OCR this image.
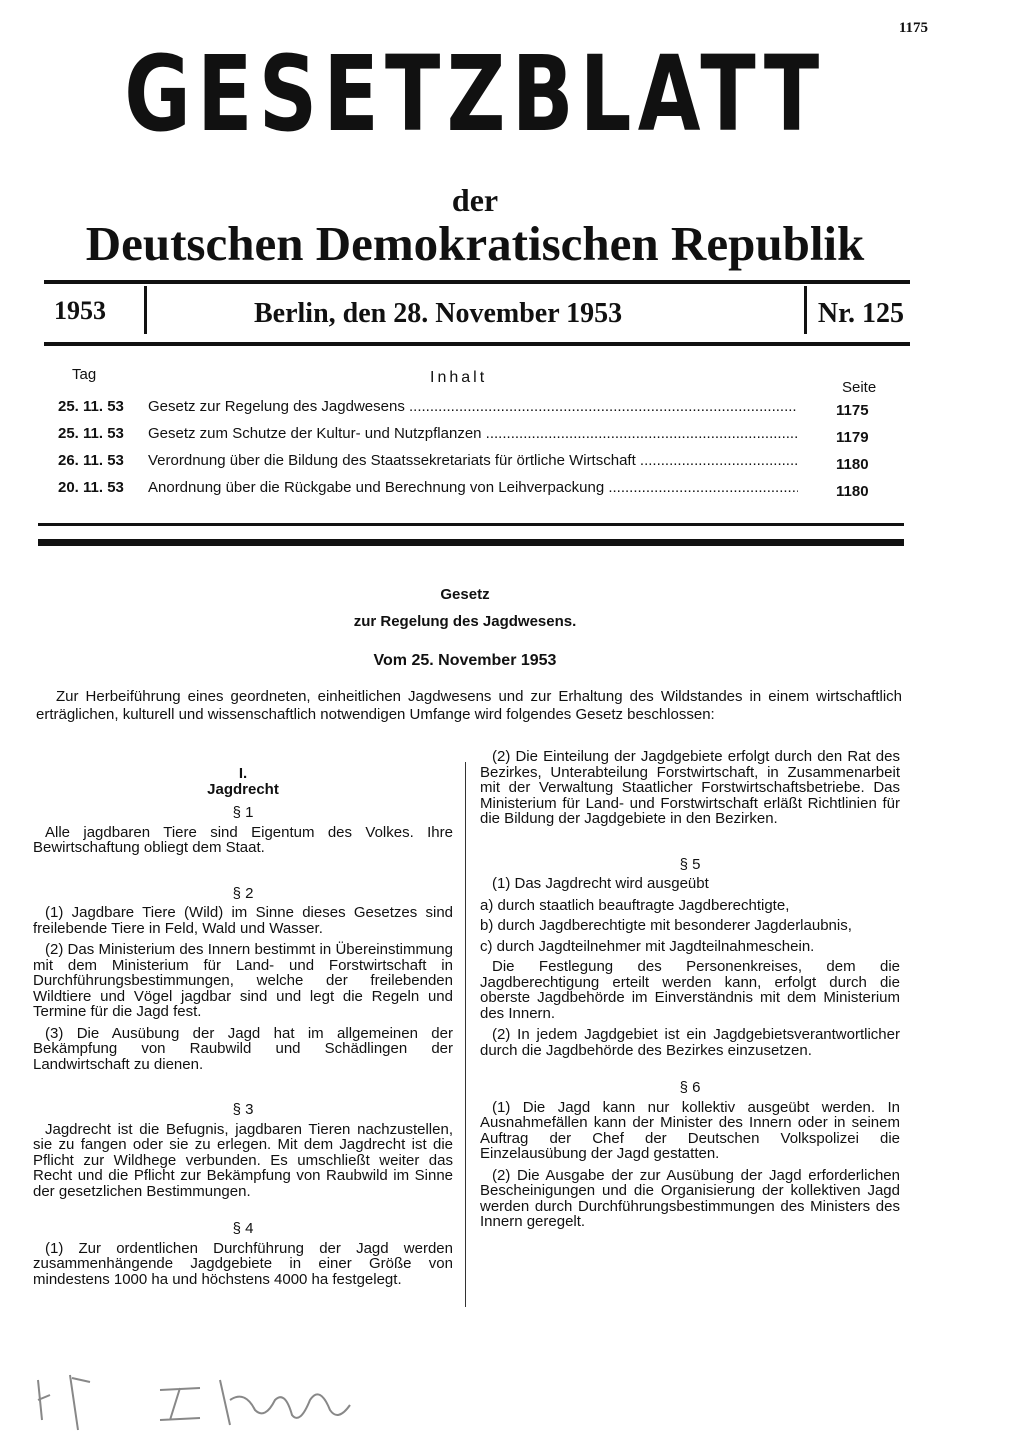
1175
GESETZBLATT
der
Deutschen Demokratischen Republik
1953	Berlin, den 28. November 1953	Nr. 125
Tag	Inhalt
Seite
25. 11. 53 Gesetz zur Regelung des Jagdwesens .....	1175
25. 11. 53 Gesetz zum Schutze der Kultur- und Nutzpflanzen .....	1179
26. 11. 53 Verordnung über die Bildung des Staatssekretariats für örtliche Wirtschaft .....	1180
20. 11. 53 Anordnung über die Rückgabe und Berechnung von Leihverpackung .....	1180
Gesetz
zur Regelung des Jagdwesens.
Vom 25. November 1953
Zur Herbeiführung eines geordneten, einheitlichen Jagdwesens und zur Erhaltung des Wildstandes in einem wirtschaftlich erträglichen, kulturell und wissenschaftlich notwendigen Umfange wird folgendes Gesetz beschlossen:

I.

Jagdrecht

§ 1

Alle jagdbaren Tiere sind Eigentum des Volkes. Ihre Bewirtschaftung obliegt dem Staat.

§ 2

(1) Jagdbare Tiere (Wild) im Sinne dieses Gesetzes sind freilebende Tiere in Feld, Wald und Wasser.

(2) Das Ministerium des Innern bestimmt in Übereinstimmung mit dem Ministerium für Land- und Forstwirtschaft in Durchführungsbestimmungen, welche der freilebenden Wildtiere und Vögel jagdbar sind und legt die Regeln und Termine für die Jagd fest.

(3) Die Ausübung der Jagd hat im allgemeinen der Bekämpfung von Raubwild und Schädlingen der Landwirtschaft zu dienen.

§ 3

Jagdrecht ist die Befugnis, jagdbaren Tieren nachzustellen, sie zu fangen oder sie zu erlegen. Mit dem Jagdrecht ist die Pflicht zur Wildhege verbunden. Es umschließt weiter das Recht und die Pflicht zur Bekämpfung von Raubwild im Sinne der gesetzlichen Bestimmungen.

§ 4

(1) Zur ordentlichen Durchführung der Jagd werden zusammenhängende Jagdgebiete in einer Größe von mindestens 1000 ha und höchstens 4000 ha festgelegt.

(2) Die Einteilung der Jagdgebiete erfolgt durch den Rat des Bezirkes, Unterabteilung Forstwirtschaft, in Zusammenarbeit mit der Verwaltung Staatlicher Forstwirtschaftsbetriebe. Das Ministerium für Land- und Forstwirtschaft erläßt Richtlinien für die Bildung der Jagdgebiete in den Bezirken.

§ 5

(1) Das Jagdrecht wird ausgeübt

a) durch staatlich beauftragte Jagdberechtigte,

b) durch Jagdberechtigte mit besonderer Jagderlaubnis,

c) durch Jagdteilnehmer mit Jagdteilnahmeschein.

Die Festlegung des Personenkreises, dem die Jagdberechtigung erteilt werden kann, erfolgt durch die oberste Jagdbehörde im Einverständnis mit dem Ministerium des Innern.

(2) In jedem Jagdgebiet ist ein Jagdgebietsverantwortlicher durch die Jagdbehörde des Bezirkes einzusetzen.

§ 6

(1) Die Jagd kann nur kollektiv ausgeübt werden. In Ausnahmefällen kann der Minister des Innern oder in seinem Auftrag der Chef der Deutschen Volkspolizei die Einzelausübung der Jagd gestatten.

(2) Die Ausgabe der zur Ausübung der Jagd erforderlichen Bescheinigungen und die Organisierung der kollektiven Jagd werden durch Durchführungsbestimmungen des Ministers des Innern geregelt.
